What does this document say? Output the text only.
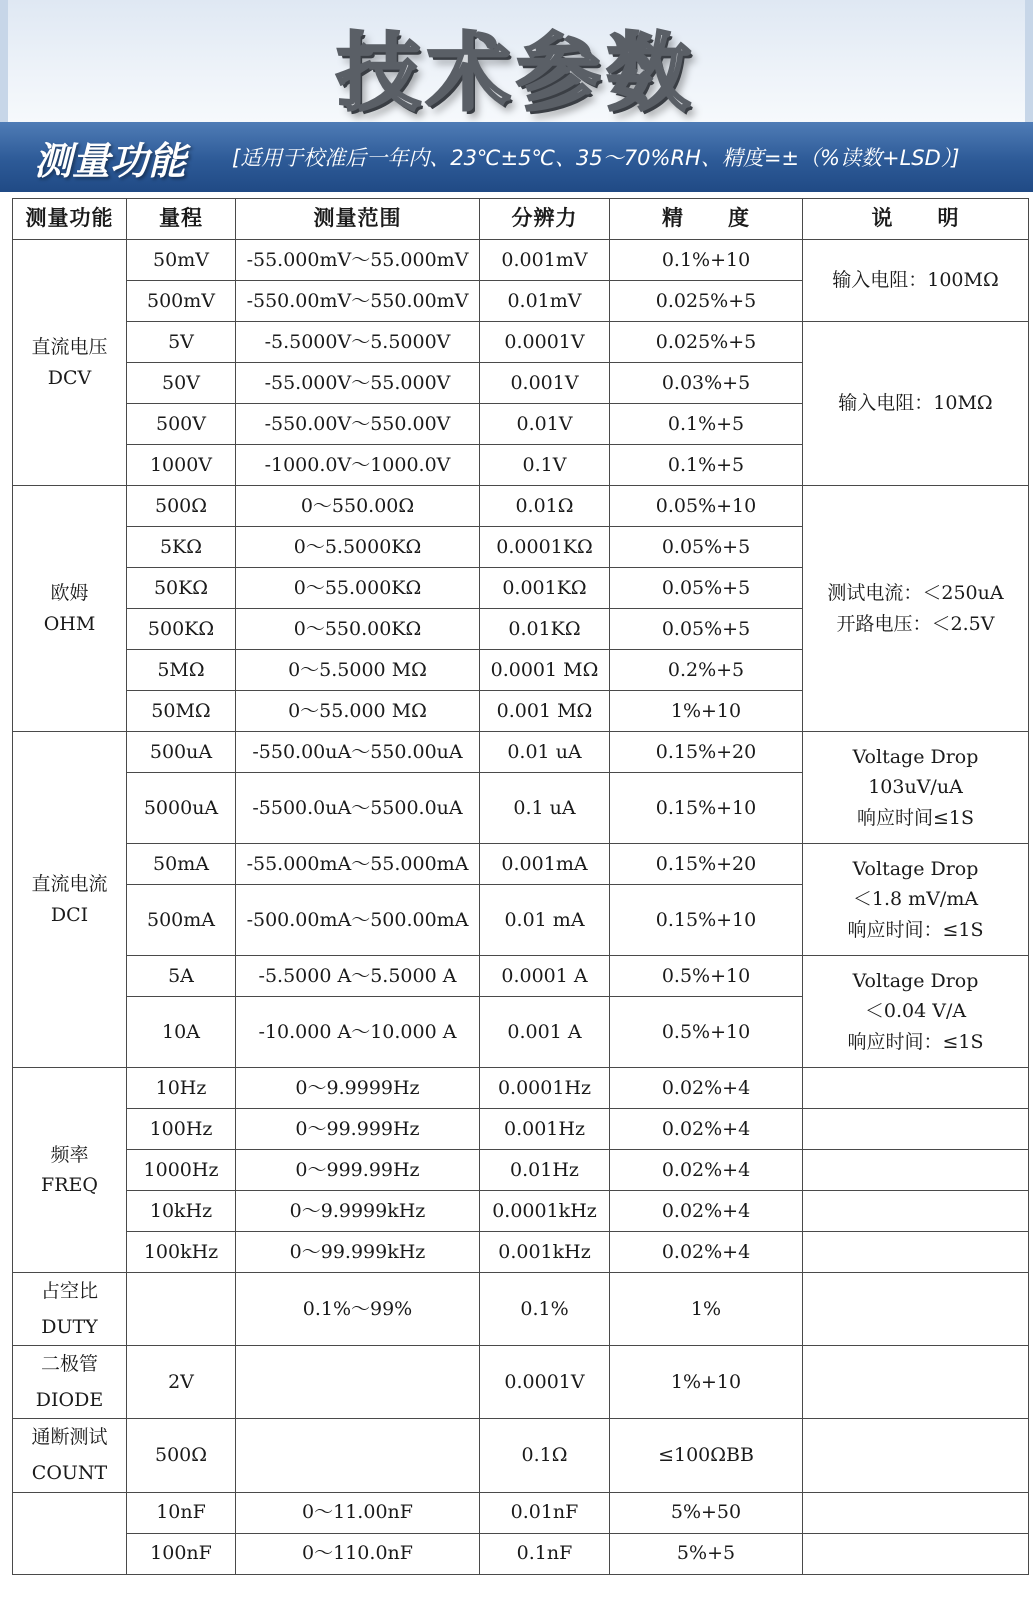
技术参数
测量功能 [适用于校准后一年内、23℃±5℃、35～70%RH、精度=±（%读数+LSD）]
测量功能	量程	测量范围	分辨力	精　　度	说　　明

直流电压
DCV	50mV	-55.000mV～55.000mV	0.001mV	0.1%+10	输入电阻：100MΩ
	500mV	-550.00mV～550.00mV	0.01mV	0.025%+5	
	5V	-5.5000V～5.5000V	0.0001V	0.025%+5	输入电阻：10MΩ
	50V	-55.000V～55.000V	0.001V	0.03%+5	
	500V	-550.00V～550.00V	0.01V	0.1%+5	
	1000V	-1000.0V～1000.0V	0.1V	0.1%+5	

欧姆
OHM	500Ω	0～550.00Ω	0.01Ω	0.05%+10	测试电流：＜250uA
开路电压：＜2.5V

	5KΩ	0～5.5000KΩ	0.0001KΩ	0.05%+5	
	50KΩ	0～55.000KΩ	0.001KΩ	0.05%+5	
	500KΩ	0～550.00KΩ	0.01KΩ	0.05%+5	
	5MΩ	0～5.5000 MΩ	0.0001 MΩ	0.2%+5	
	50MΩ	0～55.000 MΩ	0.001 MΩ	1%+10	

直流电流
DCI	500uA	-550.00uA～550.00uA	0.01 uA	0.15%+20	Voltage Drop
103uV/uA
响应时间≤1S

	5000uA	-5500.0uA～5500.0uA	0.1 uA	0.15%+10	
	50mA	-55.000mA～55.000mA	0.001mA	0.15%+20	Voltage Drop
＜1.8 mV/mA
响应时间：≤1S

	500mA	-500.00mA～500.00mA	0.01 mA	0.15%+10	
	5A	-5.5000 A～5.5000 A	0.0001 A	0.5%+10	Voltage Drop
＜0.04 V/A
响应时间：≤1S

	10A	-10.000 A～10.000 A	0.001 A	0.5%+10	

频率
FREQ	10Hz	0～9.9999Hz	0.0001Hz	0.02%+4	
	100Hz	0～99.999Hz	0.001Hz	0.02%+4	
	1000Hz	0～999.99Hz	0.01Hz	0.02%+4	
	10kHz	0～9.9999kHz	0.0001kHz	0.02%+4	
	100kHz	0～99.999kHz	0.001kHz	0.02%+4	

占空比
DUTY		0.1%～99%	0.1%	1%	

二极管
DIODE	2V		0.0001V	1%+10	

通断测试
COUNT	500Ω		0.1Ω	≤100ΩBB	
	10nF	0～11.00nF	0.01nF	5%+50	
	100nF	0～110.0nF	0.1nF	5%+5	
